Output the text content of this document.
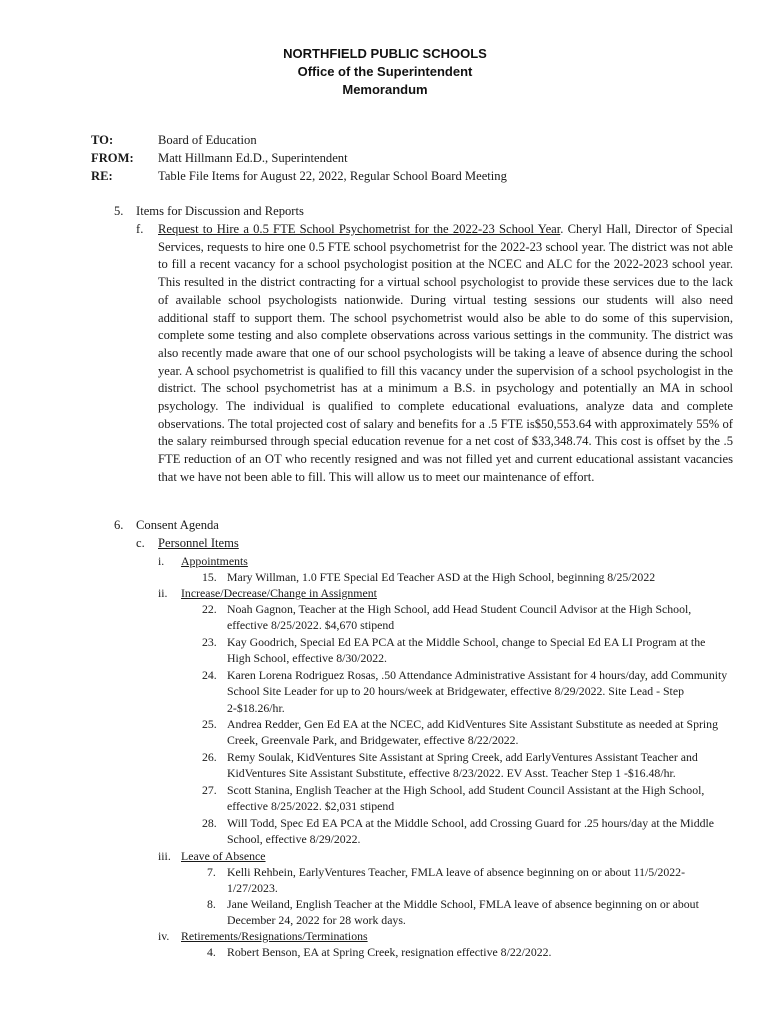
NORTHFIELD PUBLIC SCHOOLS
Office of the Superintendent
Memorandum
TO:	Board of Education
FROM: Matt Hillmann Ed.D., Superintendent
RE:	Table File Items for August 22, 2022, Regular School Board Meeting
5. Items for Discussion and Reports
f. Request to Hire a 0.5 FTE School Psychometrist for the 2022-23 School Year. Cheryl Hall, Director of Special Services, requests to hire one 0.5 FTE school psychometrist for the 2022-23 school year. The district was not able to fill a recent vacancy for a school psychologist position at the NCEC and ALC for the 2022-2023 school year. This resulted in the district contracting for a virtual school psychologist to provide these services due to the lack of available school psychologists nationwide. During virtual testing sessions our students will also need additional staff to support them. The school psychometrist would also be able to do some of this supervision, complete some testing and also complete observations across various settings in the community. The district was also recently made aware that one of our school psychologists will be taking a leave of absence during the school year. A school psychometrist is qualified to fill this vacancy under the supervision of a school psychologist in the district. The school psychometrist has at a minimum a B.S. in psychology and potentially an MA in school psychology. The individual is qualified to complete educational evaluations, analyze data and complete observations. The total projected cost of salary and benefits for a .5 FTE is$50,553.64 with approximately 55% of the salary reimbursed through special education revenue for a net cost of $33,348.74. This cost is offset by the .5 FTE reduction of an OT who recently resigned and was not filled yet and current educational assistant vacancies that we have not been able to fill. This will allow us to meet our maintenance of effort.
6. Consent Agenda
c. Personnel Items
i. Appointments
15. Mary Willman, 1.0 FTE Special Ed Teacher ASD at the High School, beginning 8/25/2022
ii. Increase/Decrease/Change in Assignment
22. Noah Gagnon, Teacher at the High School, add Head Student Council Advisor at the High School, effective 8/25/2022. $4,670 stipend
23. Kay Goodrich, Special Ed EA PCA at the Middle School, change to Special Ed EA LI Program at the High School, effective 8/30/2022.
24. Karen Lorena Rodriguez Rosas, .50 Attendance Administrative Assistant for 4 hours/day, add Community School Site Leader for up to 20 hours/week at Bridgewater, effective 8/29/2022. Site Lead - Step 2-$18.26/hr.
25. Andrea Redder, Gen Ed EA at the NCEC, add KidVentures Site Assistant Substitute as needed at Spring Creek, Greenvale Park, and Bridgewater, effective 8/22/2022.
26. Remy Soulak, KidVentures Site Assistant at Spring Creek, add EarlyVentures Assistant Teacher and KidVentures Site Assistant Substitute, effective 8/23/2022. EV Asst. Teacher Step 1 -$16.48/hr.
27. Scott Stanina, English Teacher at the High School, add Student Council Assistant at the High School, effective 8/25/2022. $2,031 stipend
28. Will Todd, Spec Ed EA PCA at the Middle School, add Crossing Guard for .25 hours/day at the Middle School, effective 8/29/2022.
iii. Leave of Absence
7. Kelli Rehbein, EarlyVentures Teacher, FMLA leave of absence beginning on or about 11/5/2022-1/27/2023.
8. Jane Weiland, English Teacher at the Middle School, FMLA leave of absence beginning on or about December 24, 2022 for 28 work days.
iv. Retirements/Resignations/Terminations
4. Robert Benson, EA at Spring Creek, resignation effective 8/22/2022.
